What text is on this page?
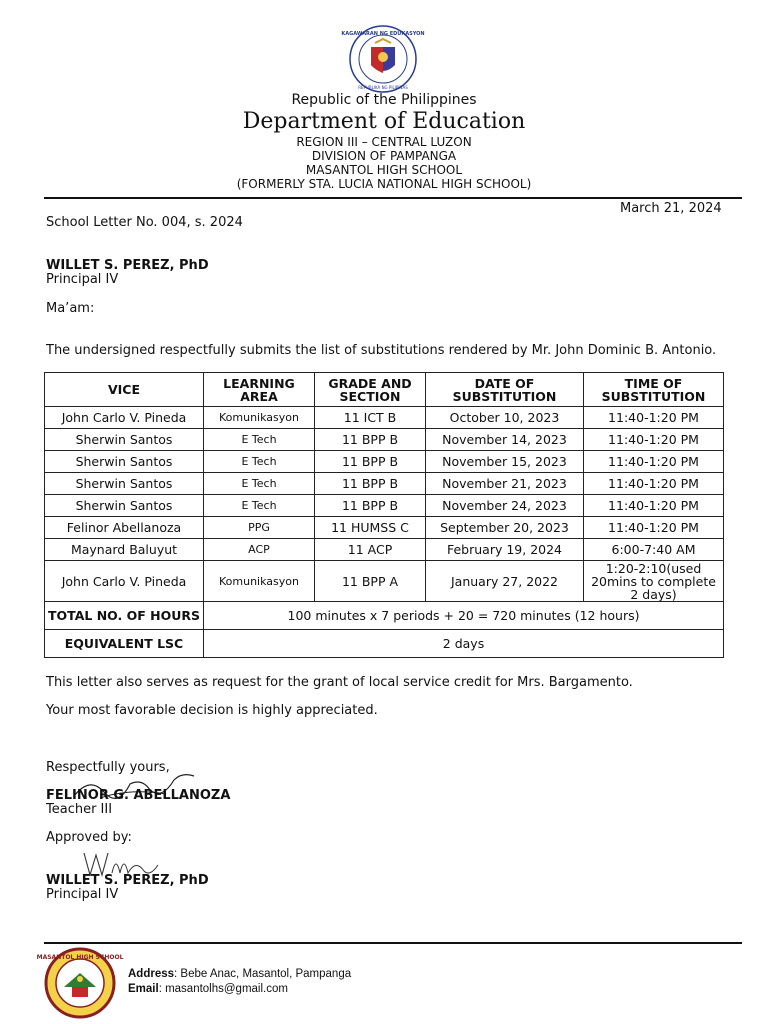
KAGAWARAN NG EDUKASYON
REPUBLIKA NG PILIPINAS
Republic of the Philippines
Department of Education
REGION III – CENTRAL LUZON
DIVISION OF PAMPANGA
MASANTOL HIGH SCHOOL
(FORMERLY STA. LUCIA NATIONAL HIGH SCHOOL)
March 21, 2024
School Letter No. 004, s. 2024
WILLET S. PEREZ, PhD
Principal IV
Ma’am:
The undersigned respectfully submits the list of substitutions rendered by Mr. John Dominic B. Antonio.
VICE	LEARNING AREA	GRADE AND SECTION	DATE OF SUBSTITUTION	TIME OF SUBSTITUTION
John Carlo V. Pineda	Komunikasyon	11 ICT B	October 10, 2023	11:40-1:20 PM
Sherwin Santos	E Tech	11 BPP B	November 14, 2023	11:40-1:20 PM
Sherwin Santos	E Tech	11 BPP B	November 15, 2023	11:40-1:20 PM
Sherwin Santos	E Tech	11 BPP B	November 21, 2023	11:40-1:20 PM
Sherwin Santos	E Tech	11 BPP B	November 24, 2023	11:40-1:20 PM
Felinor Abellanoza	PPG	11 HUMSS C	September 20, 2023	11:40-1:20 PM
Maynard Baluyut	ACP	11 ACP	February 19, 2024	6:00-7:40 AM
John Carlo V. Pineda	Komunikasyon	11 BPP A	January 27, 2022	1:20-2:10(used 20mins to complete 2 days)
TOTAL NO. OF HOURS	100 minutes x 7 periods + 20 = 720 minutes (12 hours)			
EQUIVALENT LSC	2 days			
This letter also serves as request for the grant of local service credit for Mrs. Bargamento.
Your most favorable decision is highly appreciated.
Respectfully yours,
FELINOR G. ABELLANOZA
Teacher III
Approved by:
WILLET S. PEREZ, PhD
Principal IV
MASANTOL HIGH SCHOOL
Address: Bebe Anac, Masantol, Pampanga
Email: masantolhs@gmail.com
